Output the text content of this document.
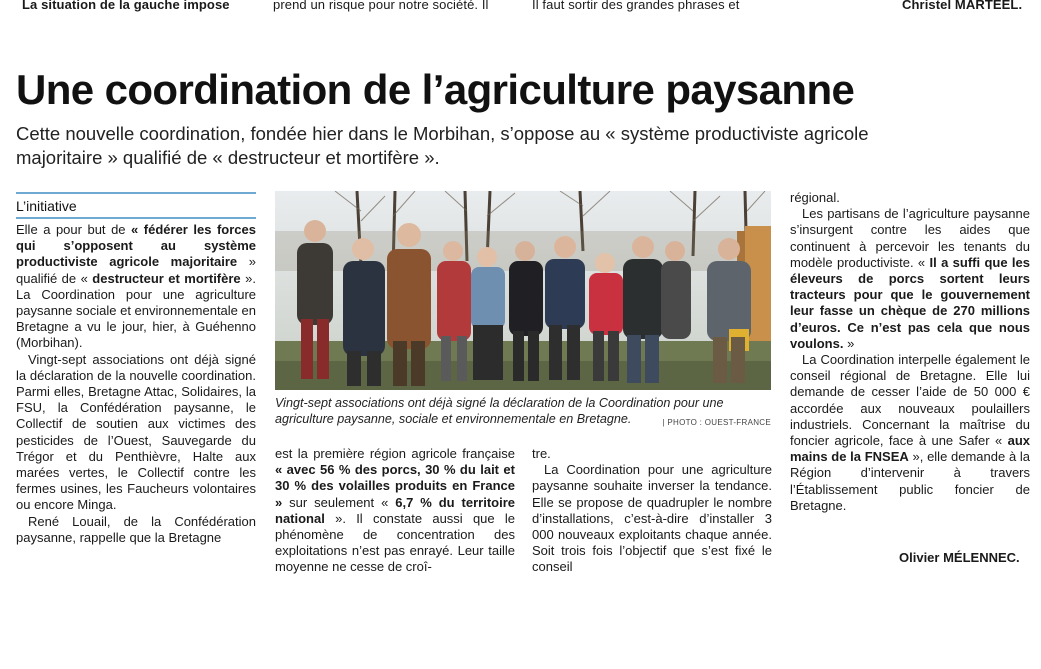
La situation de la gauche impose	prend un risque pour notre société. Il	Il faut sortir des grandes phrases et	Christel MARTEEL.
Une coordination de l’agriculture paysanne
Cette nouvelle coordination, fondée hier dans le Morbihan, s’oppose au « système productiviste agricole majoritaire » qualifié de « destructeur et mortifère ».
L’initiative

Elle a pour but de « fédérer les forces qui s’opposent au système productiviste agricole majoritaire » qualifié de « destructeur et mortifère ». La Coordination pour une agriculture paysanne sociale et environnementale en Bretagne a vu le jour, hier, à Guéhenno (Morbihan).

Vingt-sept associations ont déjà signé la déclaration de la nouvelle coordination. Parmi elles, Bretagne Attac, Solidaires, la FSU, la Confédération paysanne, le Collectif de soutien aux victimes des pesticides de l’Ouest, Sauvegarde du Trégor et du Penthièvre, Halte aux marées vertes, le Collectif contre les fermes usines, les Faucheurs volontaires ou encore Minga.

René Louail, de la Confédération paysanne, rappelle que la Bretagne

Vingt-sept associations ont déjà signé la déclaration de la Coordination pour une agriculture paysanne, sociale et environnementale en Bretagne.	| PHOTO : OUEST-FRANCE

est la première région agricole française « avec 56 % des porcs, 30 % du lait et 30 % des volailles produits en France » sur seulement « 6,7 % du territoire national ». Il constate aussi que le phénomène de concentration des exploitations n’est pas enrayé. Leur taille moyenne ne cesse de croî-

tre.

La Coordination pour une agriculture paysanne souhaite inverser la tendance. Elle se propose de quadrupler le nombre d’installations, c’est-à-dire d’installer 3 000 nouveaux exploitants chaque année. Soit trois fois l’objectif que s’est fixé le conseil

régional.

Les partisans de l’agriculture paysanne s’insurgent contre les aides que continuent à percevoir les tenants du modèle productiviste. « Il a suffi que les éleveurs de porcs sortent leurs tracteurs pour que le gouvernement leur fasse un chèque de 270 millions d’euros. Ce n’est pas cela que nous voulons. »

La Coordination interpelle également le conseil régional de Bretagne. Elle lui demande de cesser l’aide de 50 000 € accordée aux nouveaux poulaillers industriels. Concernant la maîtrise du foncier agricole, face à une Safer « aux mains de la FNSEA », elle demande à la Région d’intervenir à travers l’Établissement public foncier de Bretagne.

Olivier MÉLENNEC.
